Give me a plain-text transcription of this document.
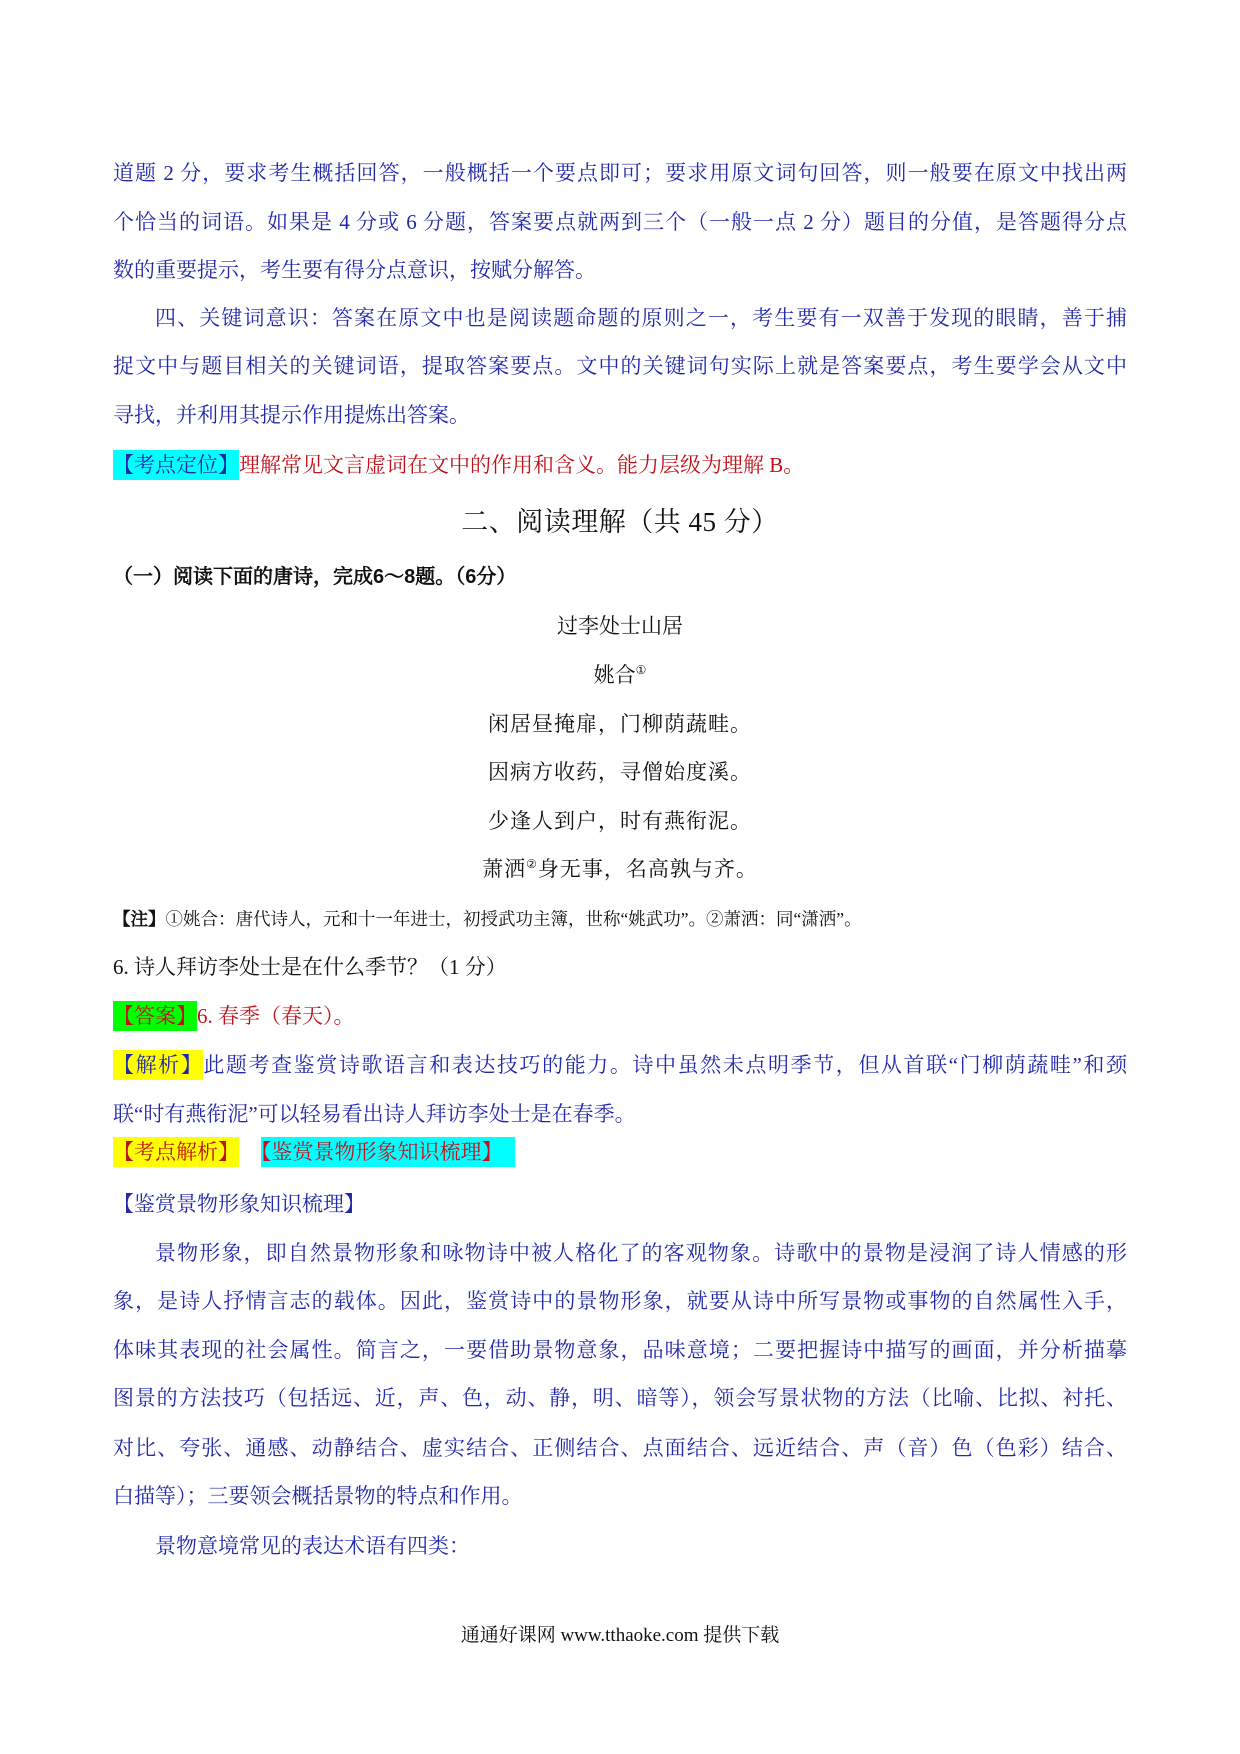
道题 2 分，要求考生概括回答，一般概括一个要点即可；要求用原文词句回答，则一般要在原文中找出两
个恰当的词语。如果是 4 分或 6 分题，答案要点就两到三个（一般一点 2 分）题目的分值，是答题得分点
数的重要提示，考生要有得分点意识，按赋分解答。
四、关键词意识：答案在原文中也是阅读题命题的原则之一，考生要有一双善于发现的眼睛，善于捕
捉文中与题目相关的关键词语，提取答案要点。文中的关键词句实际上就是答案要点，考生要学会从文中
寻找，并利用其提示作用提炼出答案。
【考点定位】理解常见文言虚词在文中的作用和含义。能力层级为理解 B。
二、阅读理解（共 45 分）
（一）阅读下面的唐诗，完成6～8题。（6分）
过李处士山居
姚合①
闲居昼掩扉，门柳荫蔬畦。
因病方收药，寻僧始度溪。
少逢人到户，时有燕衔泥。
萧洒②身无事，名高孰与齐。
【注】①姚合：唐代诗人，元和十一年进士，初授武功主簿，世称“姚武功”。②萧洒：同“潇洒”。
6. 诗人拜访李处士是在什么季节？（1 分）
【答案】6. 春季（春天）。
【解析】此题考查鉴赏诗歌语言和表达技巧的能力。诗中虽然未点明季节，但从首联“门柳荫蔬畦”和颈
联“时有燕衔泥”可以轻易看出诗人拜访李处士是在春季。
【考点解析】 【鉴赏景物形象知识梳理】
【鉴赏景物形象知识梳理】
景物形象，即自然景物形象和咏物诗中被人格化了的客观物象。诗歌中的景物是浸润了诗人情感的形
象，是诗人抒情言志的载体。因此，鉴赏诗中的景物形象，就要从诗中所写景物或事物的自然属性入手，
体味其表现的社会属性。简言之，一要借助景物意象，品味意境；二要把握诗中描写的画面，并分析描摹
图景的方法技巧（包括远、近，声、色，动、静，明、暗等），领会写景状物的方法（比喻、比拟、衬托、
对比、夸张、通感、动静结合、虚实结合、正侧结合、点面结合、远近结合、声（音）色（色彩）结合、
白描等）；三要领会概括景物的特点和作用。
景物意境常见的表达术语有四类：
通通好课网 www.tthaoke.com 提供下载
